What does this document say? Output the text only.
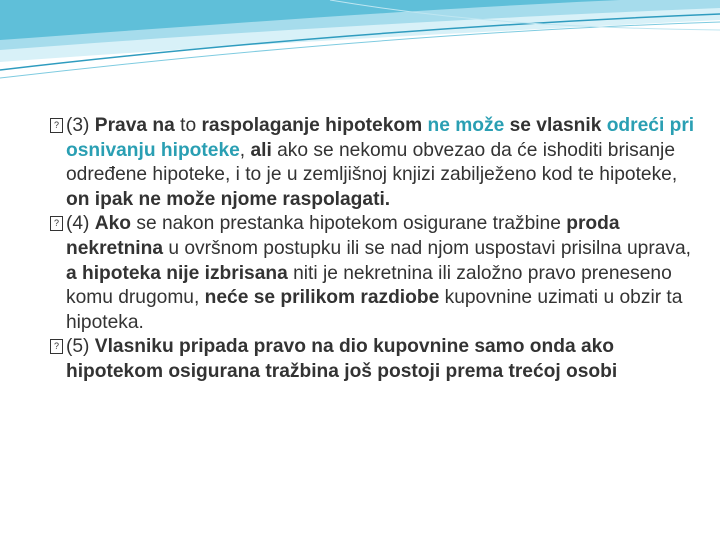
? (3) Prava na to raspolaganje hipotekom ne može se vlasnik odreći pri osnivanju hipoteke, ali ako se nekomu obvezao da će ishoditi brisanje određene hipoteke, i to je u zemljišnoj knjizi zabilježeno kod te hipoteke, on ipak ne može njome raspolagati.

? (4) Ako se nakon prestanka hipotekom osigurane tražbine proda nekretnina u ovršnom postupku ili se nad njom uspostavi prisilna uprava, a hipoteka nije izbrisana niti je nekretnina ili založno pravo preneseno komu drugomu, neće se prilikom razdiobe kupovnine uzimati u obzir ta hipoteka.

? (5) Vlasniku pripada pravo na dio kupovnine samo onda ako hipotekom osigurana tražbina još postoji prema trećoj osobi
